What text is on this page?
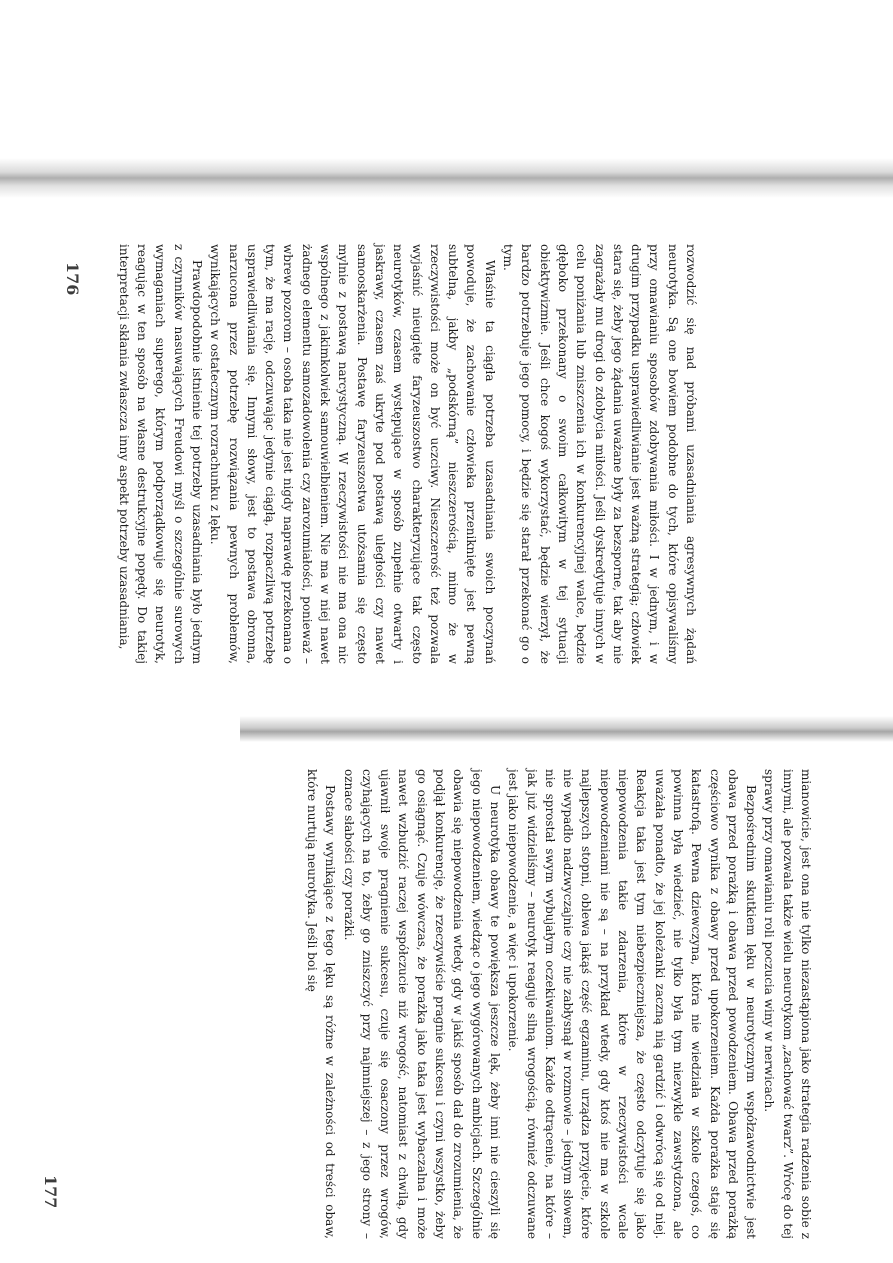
rozwodzić się nad próbami uzasadniania agresywnych żądań neurotyka. Są one bowiem podobne do tych, które opisywaliśmy przy omawianiu sposobów zdobywania miłości. I w jednym, i w drugim przypadku usprawiedliwianie jest ważną strategią; człowiek stara się, żeby jego żądania uważane były za bezsporne, tak aby nie zagrażały mu drogi do zdobycia miłości. Jeśli dyskredytuje innych w celu poniżania lub zniszczenia ich w konkurencyjnej walce, będzie głęboko przekonany o swoim całkowitym w tej sytuacji obiektywizmie. Jeśli chce kogoś wykorzystać, będzie wierzył, że bardzo potrzebuje jego pomocy, i będzie się starał przekonać go o tym.

Właśnie ta ciągła potrzeba uzasadniania swoich poczynań powoduje, że zachowanie człowieka przeniknięte jest pewną subtelną, jakby „podskórną” nieszczerością, mimo że w rzeczywistości może on być uczciwy. Nieszczerość też pozwala wyjaśnić nieugięte faryzeuszostwo charakteryzujące tak często neurotyków, czasem występujące w sposób zupełnie otwarty i jaskrawy, czasem zaś ukryte pod postawą uległości czy nawet samooskarżenia. Postawę faryzeuszostwa utożsamia się często mylnie z postawą narcystyczną. W rzeczywistości nie ma ona nic wspólnego z jakimkolwiek samouwielbieniem. Nie ma w niej nawet żadnego elementu samozadowolenia czy zarozumiałości, ponieważ – wbrew pozorom – osoba taka nie jest nigdy naprawdę przekonana o tym, że ma rację, odczuwając jedynie ciągłą, rozpaczliwą potrzebę usprawiedliwiania się. Innymi słowy, jest to postawa obronna, narzucona przez potrzebę rozwiązania pewnych problemów, wynikających w ostatecznym rozrachunku z lęku.

Prawdopodobnie istnienie tej potrzeby uzasadniania było jednym z czynników nasuwających Freudowi myśl o szczególnie surowych wymaganiach superego, którym podporządkowuje się neurotyk, reagując w ten sposób na własne destrukcyjne popędy. Do takiej interpretacji skłania zwłaszcza inny aspekt potrzeby uzasadniania,

176

mianowicie, jest ona nie tylko niezastąpiona jako strategia radzenia sobie z innymi, ale pozwala także wielu neurotykom „zachować twarz”. Wrócę do tej sprawy przy omawianiu roli poczucia winy w nerwicach.

Bezpośrednim skutkiem lęku w neurotycznym współzawodnictwie jest obawa przed porażką i obawa przed powodzeniem. Obawa przed porażką częściowo wynika z obawy przed upokorzeniem. Każda porażka staje się katastrofą. Pewna dziewczyna, która nie wiedziała w szkole czegoś, co powinna była wiedzieć, nie tylko była tym niezwykle zawstydzona, ale uważała ponadto, że jej koleżanki zaczną nią gardzić i odwrócą się od niej. Reakcja taka jest tym niebezpieczniejsza, że często odczytuje się jako niepowodzenia takie zdarzenia, które w rzeczywistości wcale niepowodzeniami nie są – na przykład wtedy, gdy ktoś nie ma w szkole najlepszych stopni, oblewa jakąś część egzaminu, urządza przyjęcie, które nie wypadło nadzwyczajnie czy nie zabłysnął w rozmowie – jednym słowem, nie sprostał swym wybujałym oczekiwaniom. Każde odtrącenie, na które – jak już widzieliśmy – neurotyk reaguje silną wrogością, również odczuwane jest jako niepowodzenie, a więc i upokorzenie.

U neurotyka obawy te powiększa jeszcze lęk, żeby inni nie cieszyli się jego niepowodzeniem, wiedząc o jego wygórowanych ambicjach. Szczególnie obawia się niepowodzenia wtedy, gdy w jakiś sposób dał do zrozumienia, że podjął konkurencję, że rzeczywiście pragnie sukcesu i czyni wszystko, żeby go osiągnąć. Czuje wówczas, że porażka jako taka jest wybaczalna i może nawet wzbudzić raczej współczucie niż wrogość, natomiast z chwilą, gdy ujawnił swoje pragnienie sukcesu, czuje się osaczony przez wrogów, czyhających na to, żeby go zniszczyć przy najmniejszej – z jego strony – oznace słabości czy porażki.

Postawy wynikające z tego lęku są różne w zależności od treści obaw, które nurtują neurotyka. Jeśli boi się

177
